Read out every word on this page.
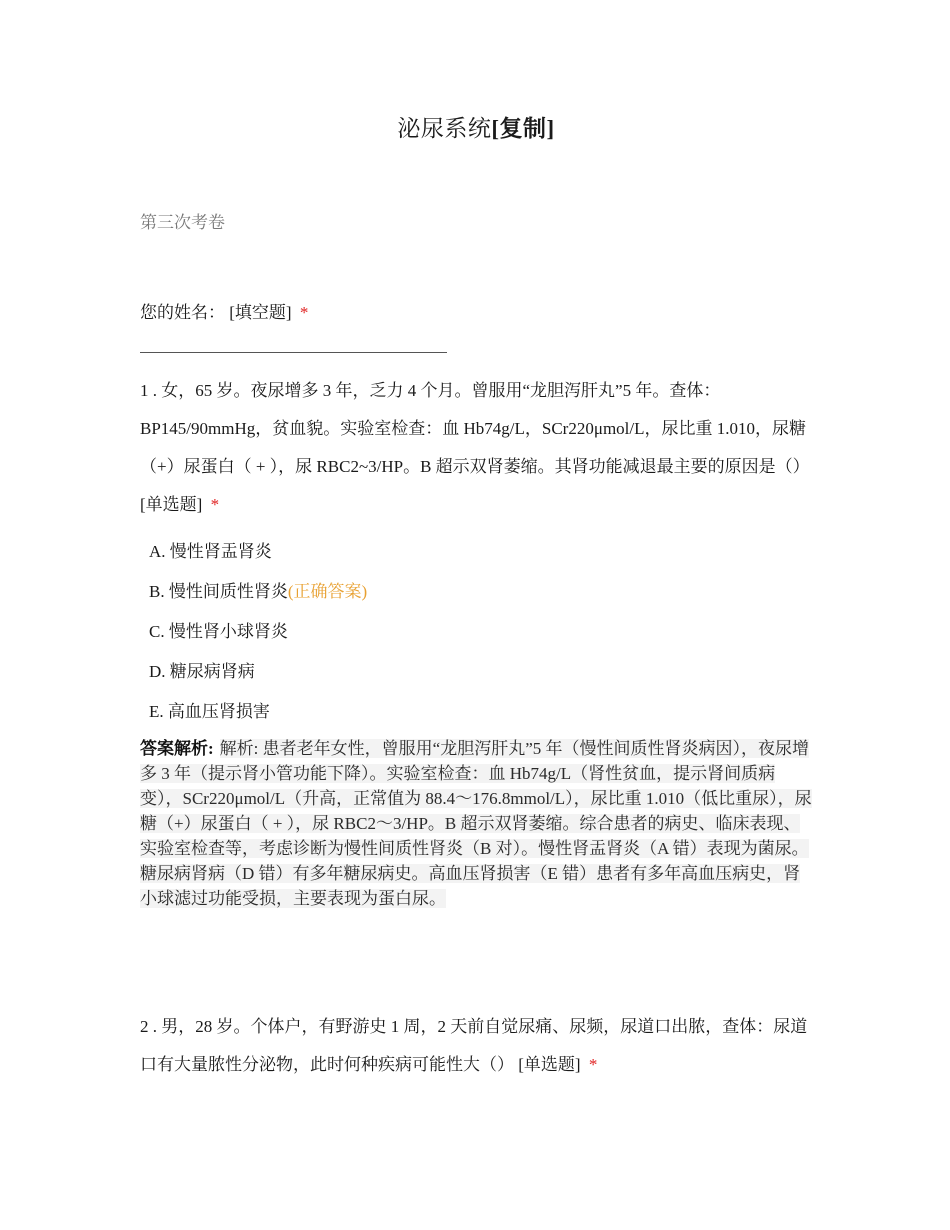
泌尿系统[复制]
第三次考卷
您的姓名： [填空题] *
1 . 女，65 岁。夜尿增多 3 年，乏力 4 个月。曾服用“龙胆泻肝丸”5 年。查体：BP145/90mmHg，贫血貌。实验室检查：血 Hb74g/L，SCr220μmol/L，尿比重 1.010，尿糖（+）尿蛋白（ + ），尿 RBC2~3/HP。B 超示双肾萎缩。其肾功能减退最主要的原因是（） [单选题] *
A. 慢性肾盂肾炎
B. 慢性间质性肾炎(正确答案)
C. 慢性肾小球肾炎
D. 糖尿病肾病
E. 高血压肾损害
答案解析: 解析: 患者老年女性，曾服用“龙胆泻肝丸”5 年（慢性间质性肾炎病因），夜尿增多 3 年（提示肾小管功能下降）。实验室检查：血 Hb74g/L（肾性贫血，提示肾间质病变），SCr220μmol/L（升高，正常值为 88.4～176.8mmol/L），尿比重 1.010（低比重尿），尿糖（+）尿蛋白（ + ），尿 RBC2～3/HP。B 超示双肾萎缩。综合患者的病史、临床表现、实验室检查等，考虑诊断为慢性间质性肾炎（B 对）。慢性肾盂肾炎（A 错）表现为菌尿。糖尿病肾病（D 错）有多年糖尿病史。高血压肾损害（E 错）患者有多年高血压病史，肾小球滤过功能受损，主要表现为蛋白尿。
2 . 男，28 岁。个体户，有野游史 1 周，2 天前自觉尿痛、尿频，尿道口出脓，查体：尿道口有大量脓性分泌物，此时何种疾病可能性大（） [单选题] *
